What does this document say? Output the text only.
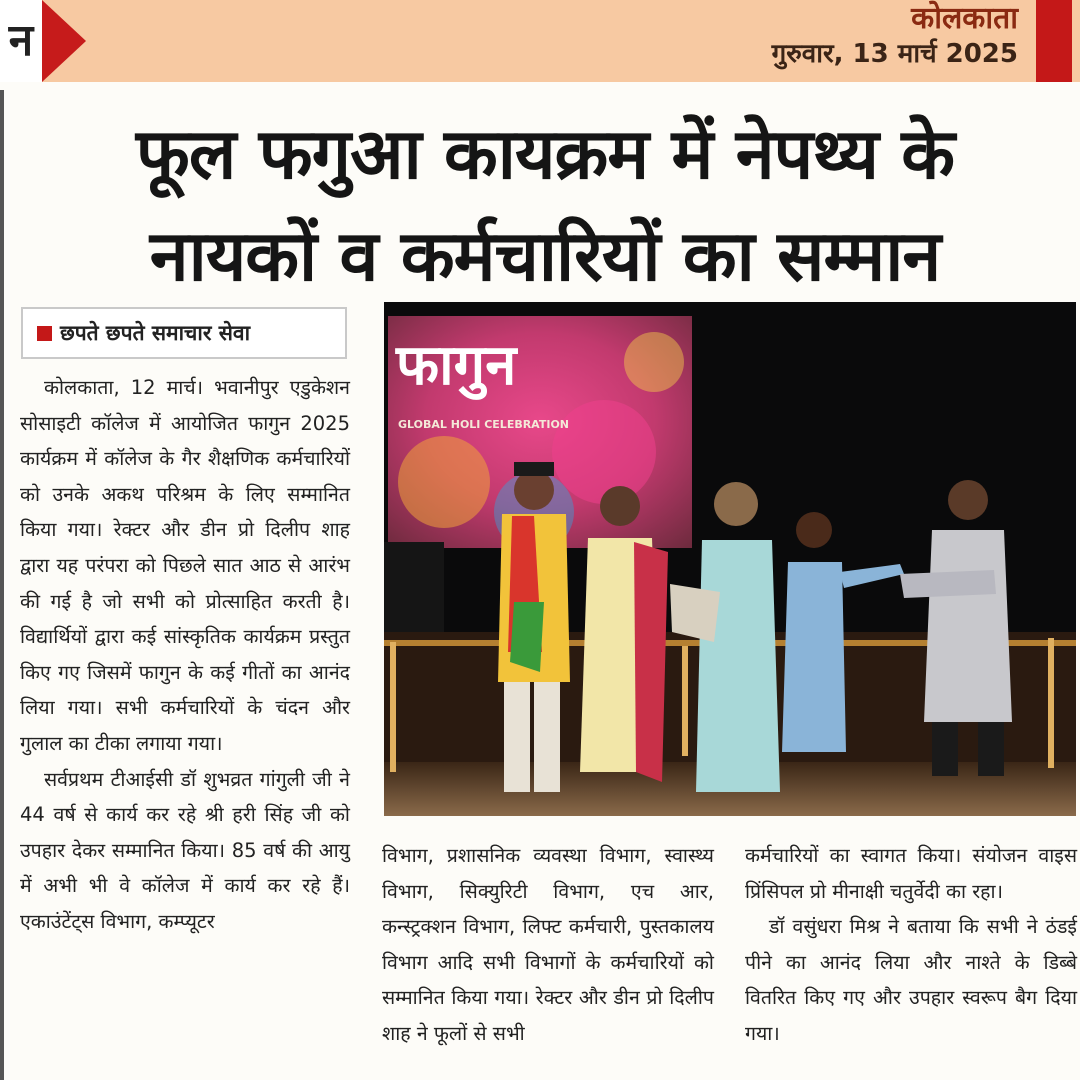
न	कोलकाता
गुरुवार, 13 मार्च 2025
फूल फगुआ कायक्रम में नेपथ्य के
नायकों व कर्मचारियों का सम्मान
छपते छपते समाचार सेवा

कोलकाता, 12 मार्च। भवानीपुर एडुकेशन सोसाइटी कॉलेज में आयोजित फागुन 2025 कार्यक्रम में कॉलेज के गैर शैक्षणिक कर्मचारियों को उनके अकथ परिश्रम के लिए सम्मानित किया गया। रेक्टर और डीन प्रो दिलीप शाह द्वारा यह परंपरा को पिछले सात आठ से आरंभ की गई है जो सभी को प्रोत्साहित करती है। विद्यार्थियों द्वारा कई सांस्कृतिक कार्यक्रम प्रस्तुत किए गए जिसमें फागुन के कई गीतों का आनंद लिया गया। सभी कर्मचारियों के चंदन और गुलाल का टीका लगाया गया।

सर्वप्रथम टीआईसी डॉ शुभव्रत गांगुली जी ने 44 वर्ष से कार्य कर रहे श्री हरी सिंह जी को उपहार देकर सम्मानित किया। 85 वर्ष की आयु में अभी भी वे कॉलेज में कार्य कर रहे हैं। एकाउंटेंट्स विभाग, कम्प्यूटर

फागुन
GLOBAL HOLI CELEBRATION

विभाग, प्रशासनिक व्यवस्था विभाग, स्वास्थ्य विभाग, सिक्युरिटी विभाग, एच आर, कन्स्ट्रक्शन विभाग, लिफ्ट कर्मचारी, पुस्तकालय विभाग आदि सभी विभागों के कर्मचारियों को सम्मानित किया गया। रेक्टर और डीन प्रो दिलीप शाह ने फूलों से सभी

कर्मचारियों का स्वागत किया। संयोजन वाइस प्रिंसिपल प्रो मीनाक्षी चतुर्वेदी का रहा।

डॉ वसुंधरा मिश्र ने बताया कि सभी ने ठंडई पीने का आनंद लिया और नाश्ते के डिब्बे वितरित किए गए और उपहार स्वरूप बैग दिया गया।
